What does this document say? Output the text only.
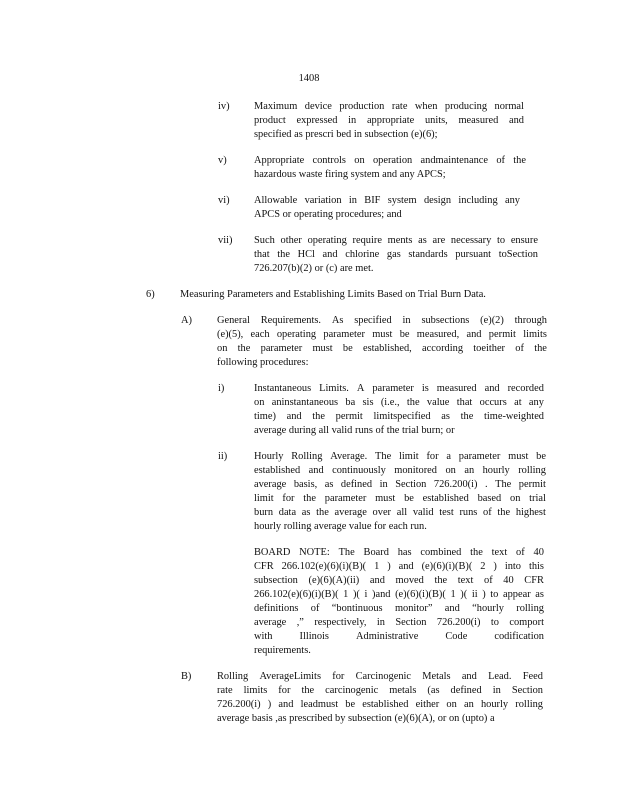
1408
iv) Maximum device production rate when producing normal
product expressed in appropriate units, measured and
specified as prescri bed in subsection (e)(6);
v)	Appropriate controls on operation andmaintenance of the
hazardous waste firing system and any APCS;
vi) Allowable variation in BIF system design including any
APCS or operating procedures; and
vii) Such other operating require ments as are necessary to ensure
that the HCl and chlorine gas standards pursuant toSection
726.207(b)(2) or (c) are met.
6) Measuring Parameters and Establishing Limits Based on Trial Burn Data.
A) General Requirements. As specified in subsections (e)(2) through
(e)(5), each operating parameter must be measured, and permit limits
on the parameter must be established, according toeither of the
following procedures:
i)	Instantaneous Limits. A parameter is measured and recorded
on aninstantaneous ba sis (i.e., the value that occurs at any
time) and the permit limitspecified as the time-weighted
average during all valid runs of the trial burn; or
ii)	Hourly Rolling Average. The limit for a parameter must be
established and continuously monitored on an hourly rolling
average basis, as defined in Section 726.200(i) . The permit
limit for the parameter must be established based on trial
burn data as the average over all valid test runs of the highest
hourly rolling average value for each run.
BOARD NOTE: The Board has combined the text of 40
CFR 266.102(e)(6)(i)(B)( 1 ) and (e)(6)(i)(B)( 2 ) into this
subsection (e)(6)(A)(ii) and moved the text of 40 CFR
266.102(e)(6)(i)(B)( 1 )( i )and (e)(6)(i)(B)( 1 )( ii ) to appear as
definitions of “bontinuous monitor” and “hourly rolling
average ,” respectively, in Section 726.200(i) to comport
with	Illinois	Administrative	Code	codification
requirements.
B) Rolling AverageLimits for Carcinogenic Metals and Lead. Feed
rate limits for the carcinogenic metals (as defined in Section
726.200(i) ) and leadmust be established either on an hourly rolling
average basis ,as prescribed by subsection (e)(6)(A), or on (upto) a
